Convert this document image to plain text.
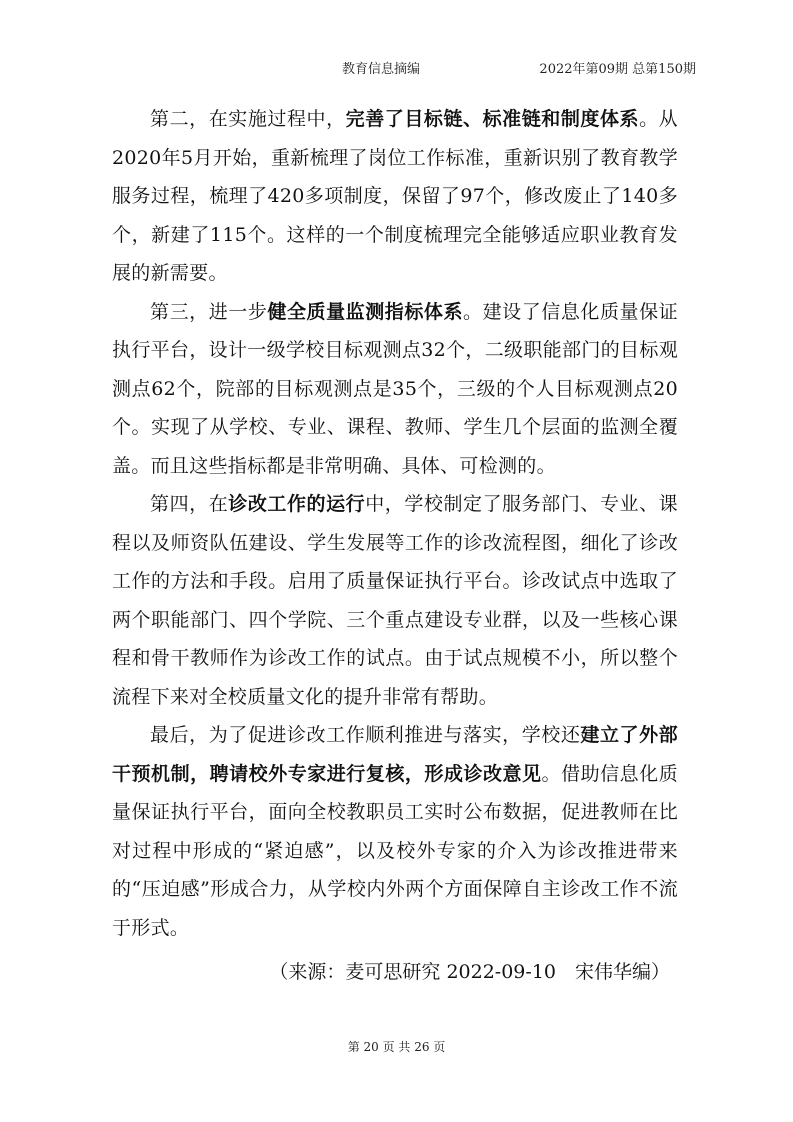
教育信息摘编	2022年第09期 总第150期

第二，在实施过程中，完善了目标链、标准链和制度体系。从2020年5月开始，重新梳理了岗位工作标准，重新识别了教育教学服务过程，梳理了420多项制度，保留了97个，修改废止了140多个，新建了115个。这样的一个制度梳理完全能够适应职业教育发展的新需要。

第三，进一步健全质量监测指标体系。建设了信息化质量保证执行平台，设计一级学校目标观测点32个，二级职能部门的目标观测点62个，院部的目标观测点是35个，三级的个人目标观测点20个。实现了从学校、专业、课程、教师、学生几个层面的监测全覆盖。而且这些指标都是非常明确、具体、可检测的。

第四，在诊改工作的运行中，学校制定了服务部门、专业、课程以及师资队伍建设、学生发展等工作的诊改流程图，细化了诊改工作的方法和手段。启用了质量保证执行平台。诊改试点中选取了两个职能部门、四个学院、三个重点建设专业群，以及一些核心课程和骨干教师作为诊改工作的试点。由于试点规模不小，所以整个流程下来对全校质量文化的提升非常有帮助。

最后，为了促进诊改工作顺利推进与落实，学校还建立了外部干预机制，聘请校外专家进行复核，形成诊改意见。借助信息化质量保证执行平台，面向全校教职员工实时公布数据，促进教师在比对过程中形成的“紧迫感”，以及校外专家的介入为诊改推进带来的“压迫感”形成合力，从学校内外两个方面保障自主诊改工作不流于形式。

（来源：麦可思研究 2022-09-10　宋伟华编）

第 20 页 共 26 页
